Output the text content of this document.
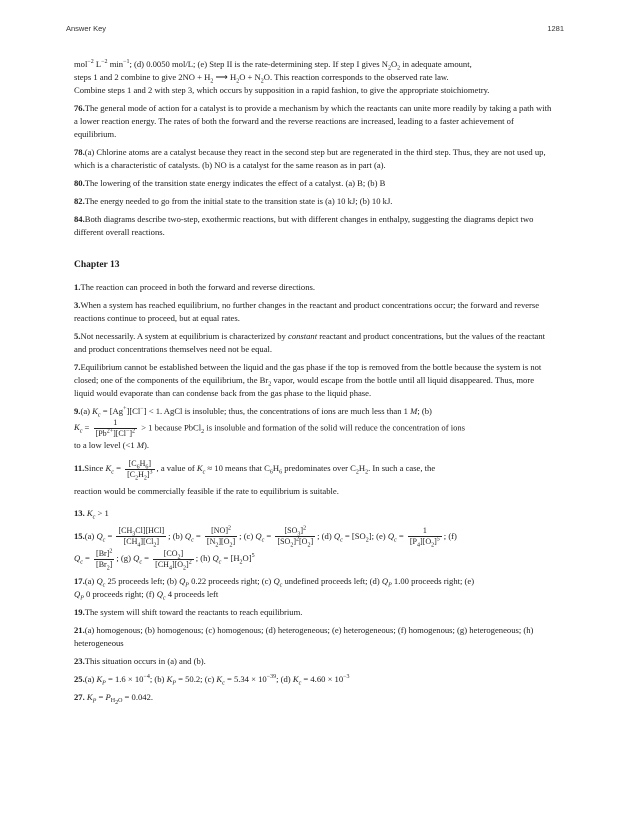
Answer Key	1281

mol$^{-2}$ $L^{-2}$ $\min^{-1}$; (d) 0.0050 mol/L; (e) Step II is the rate-determining step. If step I gives $N_2O_2$ in adequate amount,
steps 1 and 2 combine to give $2NO + H_2$ ⟶ $H_2O + N_2O$. This reaction corresponds to the observed rate law.
Combine steps 1 and 2 with step 3, which occurs by supposition in a rapid fashion, to give the appropriate stoichiometry.

76.The general mode of action for a catalyst is to provide a mechanism by which the reactants can unite more readily by taking a path with a lower reaction energy. The rates of both the forward and the reverse reactions are increased, leading to a faster achievement of equilibrium.

78.(a) Chlorine atoms are a catalyst because they react in the second step but are regenerated in the third step. Thus, they are not used up, which is a characteristic of catalysts. (b) NO is a catalyst for the same reason as in part (a).

80.The lowering of the transition state energy indicates the effect of a catalyst. (a) B; (b) B

82.The energy needed to go from the initial state to the transition state is (a) 10 kJ; (b) 10 kJ.

84.Both diagrams describe two-step, exothermic reactions, but with different changes in enthalpy, suggesting the diagrams depict two different overall reactions.

Chapter 13

1.The reaction can proceed in both the forward and reverse directions.

3.When a system has reached equilibrium, no further changes in the reactant and product concentrations occur; the forward and reverse reactions continue to proceed, but at equal rates.

5.Not necessarily. A system at equilibrium is characterized by constant reactant and product concentrations, but the values of the reactant and product concentrations themselves need not be equal.

7.Equilibrium cannot be established between the liquid and the gas phase if the top is removed from the bottle because the system is not closed; one of the components of the equilibrium, the $Br_2$ vapor, would escape from the bottle until all liquid disappeared. Thus, more liquid would evaporate than can condense back from the gas phase to the liquid phase.

9.(a) $K_c = [Ag^+][Cl^-] < 1$. AgCl is insoluble; thus, the concentrations of ions are much less than 1 M; (b)
$K_c = \frac{1}{[Pb^{2+}][Cl^-]^2} > 1$ because PbCl$_2$ is insoluble and formation of the solid will reduce the concentration of ions
to a low level (<1 M).

11.Since $K_c = \frac{[C_6H_6]}{[C_2H_2]^3}$ , a value of $K_c \approx 10$ means that $C_6H_6$ predominates over $C_2H_2$. In such a case, the
reaction would be commercially feasible if the rate to equilibrium is suitable.

13. $K_c > 1$

15.(a) $Q_c = \frac{[CH_3Cl][HCl]}{[CH_4][Cl_2]}$ ; (b) $Q_c = \frac{[NO]^2}{[N_2][O_2]}$ ; (c) $Q_c = \frac{[SO_3]^2}{[SO_2]^2[O_2]}$ ; (d) $Q_c = [SO_2]$; (e) $Q_c = \frac{1}{[P_4][O_2]^5}$ ; (f)
$Q_c = \frac{[Br]^2}{[Br_2]}$ ; (g) $Q_c = \frac{[CO_2]}{[CH_4][O_2]^2}$ ; (h) $Q_c = [H_2O]^5$

17.(a) $Q_c$ 25 proceeds left; (b) $Q_P$ 0.22 proceeds right; (c) $Q_c$ undefined proceeds left; (d) $Q_P$ 1.00 proceeds right; (e)
$Q_P$ 0 proceeds right; (f) $Q_c$ 4 proceeds left

19.The system will shift toward the reactants to reach equilibrium.

21.(a) homogenous; (b) homogenous; (c) homogenous; (d) heterogeneous; (e) heterogeneous; (f) homogenous; (g) heterogeneous; (h) heterogeneous

23.This situation occurs in (a) and (b).

25.(a) $K_P = 1.6 \times 10^{-4}$; (b) $K_P = 50.2$; (c) $K_c = 5.34 \times 10^{-39}$; (d) $K_c = 4.60 \times 10^{-3}$

27. $K_P = P_{H_2O} = 0.042$.
